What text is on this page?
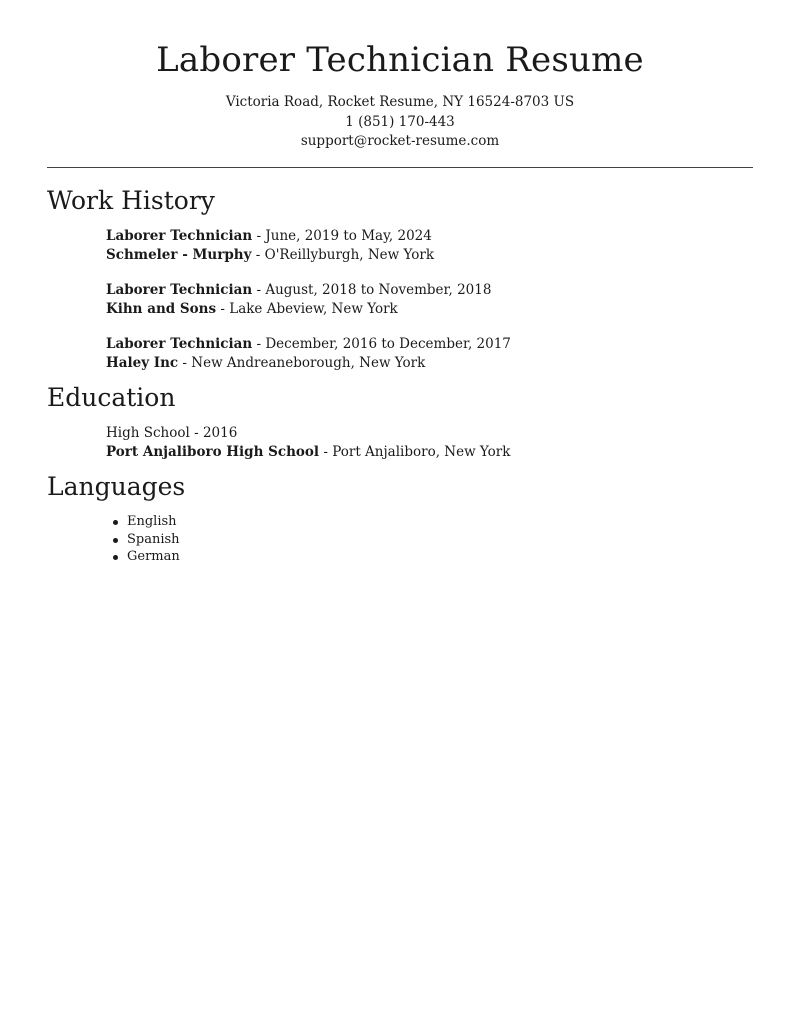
Laborer Technician Resume
Victoria Road, Rocket Resume, NY 16524-8703 US
1 (851) 170-443
support@rocket-resume.com
Work History
Laborer Technician - June, 2019 to May, 2024
Schmeler - Murphy - O'Reillyburgh, New York
Laborer Technician - August, 2018 to November, 2018
Kihn and Sons - Lake Abeview, New York
Laborer Technician - December, 2016 to December, 2017
Haley Inc - New Andreaneborough, New York
Education
High School - 2016
Port Anjaliboro High School - Port Anjaliboro, New York
Languages
English
Spanish
German
